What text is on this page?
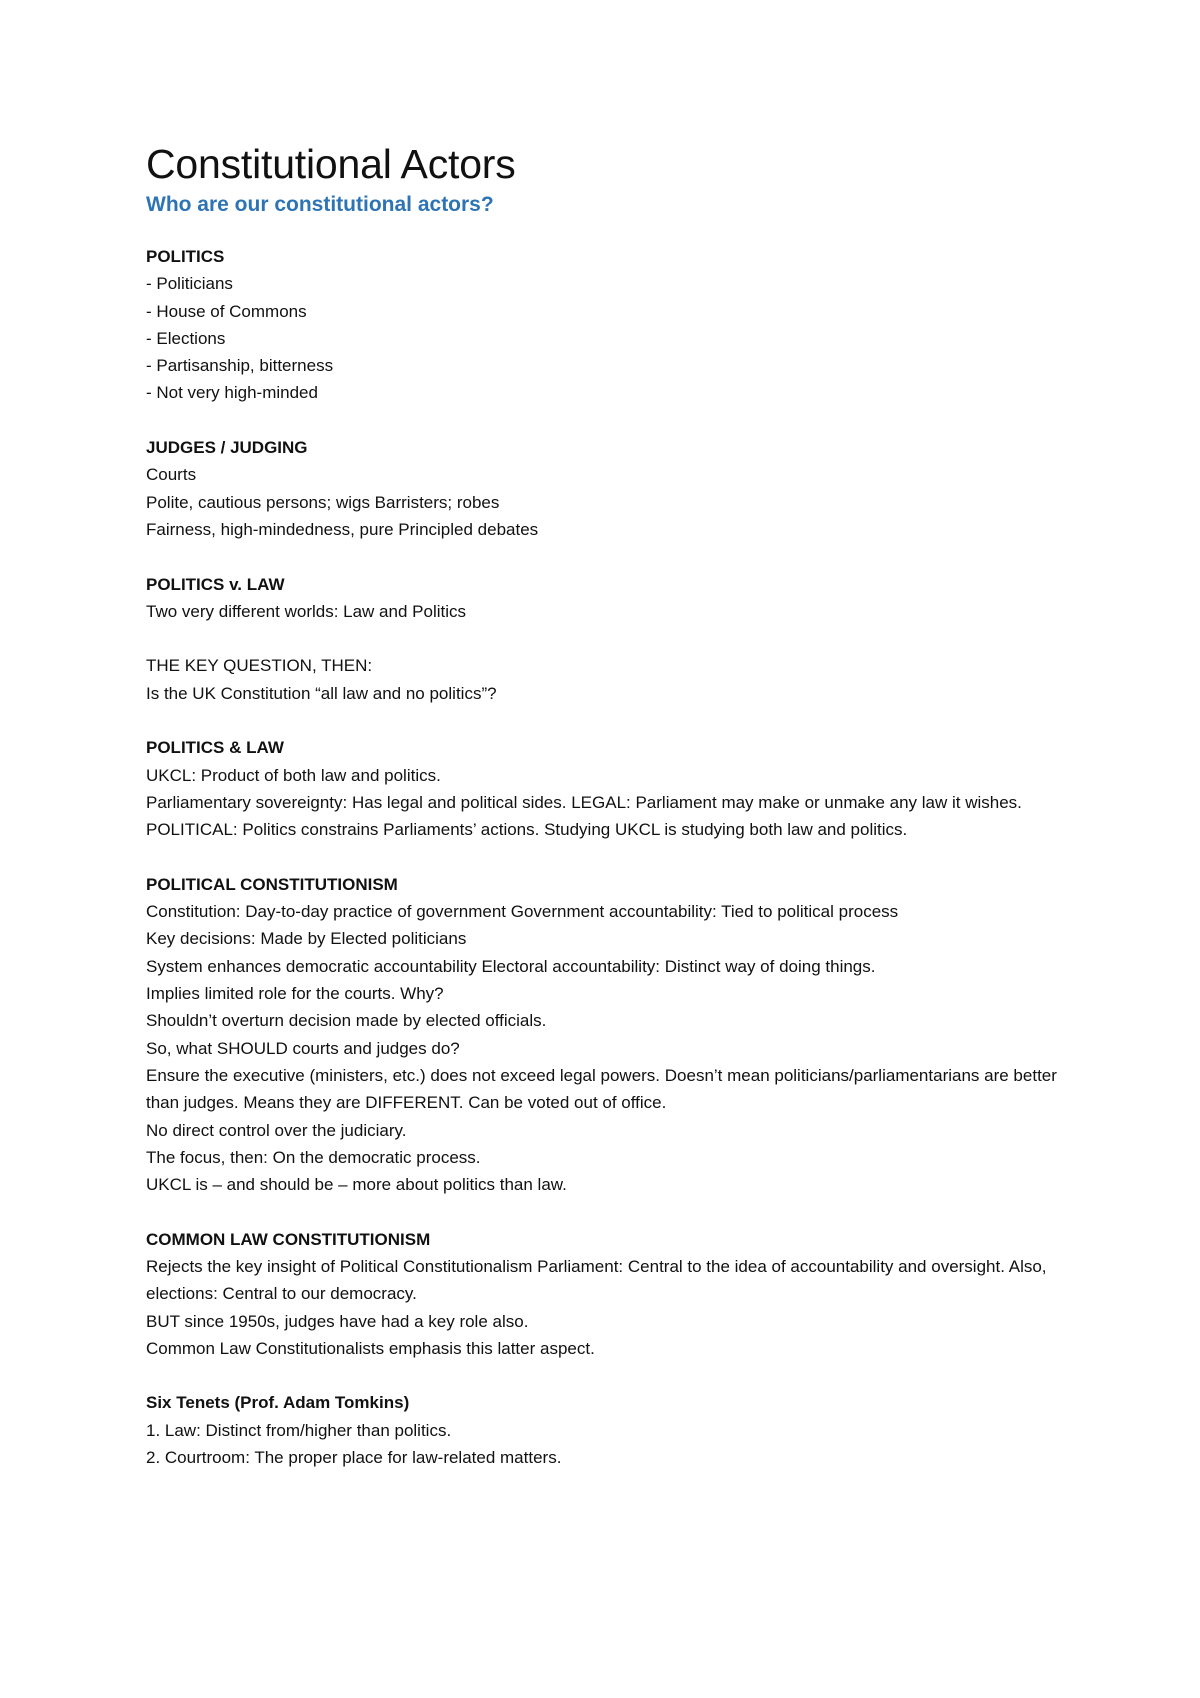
Constitutional Actors
Who are our constitutional actors?
POLITICS
- Politicians
- House of Commons
- Elections
- Partisanship, bitterness
- Not very high-minded
JUDGES / JUDGING
Courts
Polite, cautious persons; wigs Barristers; robes
Fairness, high-mindedness, pure Principled debates
POLITICS v. LAW
Two very different worlds: Law and Politics
THE KEY QUESTION, THEN:
Is the UK Constitution “all law and no politics”?
POLITICS & LAW
UKCL: Product of both law and politics.
Parliamentary sovereignty: Has legal and political sides. LEGAL: Parliament may make or unmake any law it wishes. POLITICAL: Politics constrains Parliaments’ actions. Studying UKCL is studying both law and politics.
POLITICAL CONSTITUTIONISM
Constitution: Day-to-day practice of government Government accountability: Tied to political process
Key decisions: Made by Elected politicians
System enhances democratic accountability Electoral accountability: Distinct way of doing things.
Implies limited role for the courts. Why?
Shouldn’t overturn decision made by elected officials.
So, what SHOULD courts and judges do?
Ensure the executive (ministers, etc.) does not exceed legal powers. Doesn’t mean politicians/parliamentarians are better than judges. Means they are DIFFERENT. Can be voted out of office.
No direct control over the judiciary.
The focus, then: On the democratic process.
UKCL is – and should be – more about politics than law.
COMMON LAW CONSTITUTIONISM
Rejects the key insight of Political Constitutionalism Parliament: Central to the idea of accountability and oversight. Also, elections: Central to our democracy.
BUT since 1950s, judges have had a key role also.
Common Law Constitutionalists emphasis this latter aspect.
Six Tenets (Prof. Adam Tomkins)
1. Law: Distinct from/higher than politics.
2. Courtroom: The proper place for law-related matters.
